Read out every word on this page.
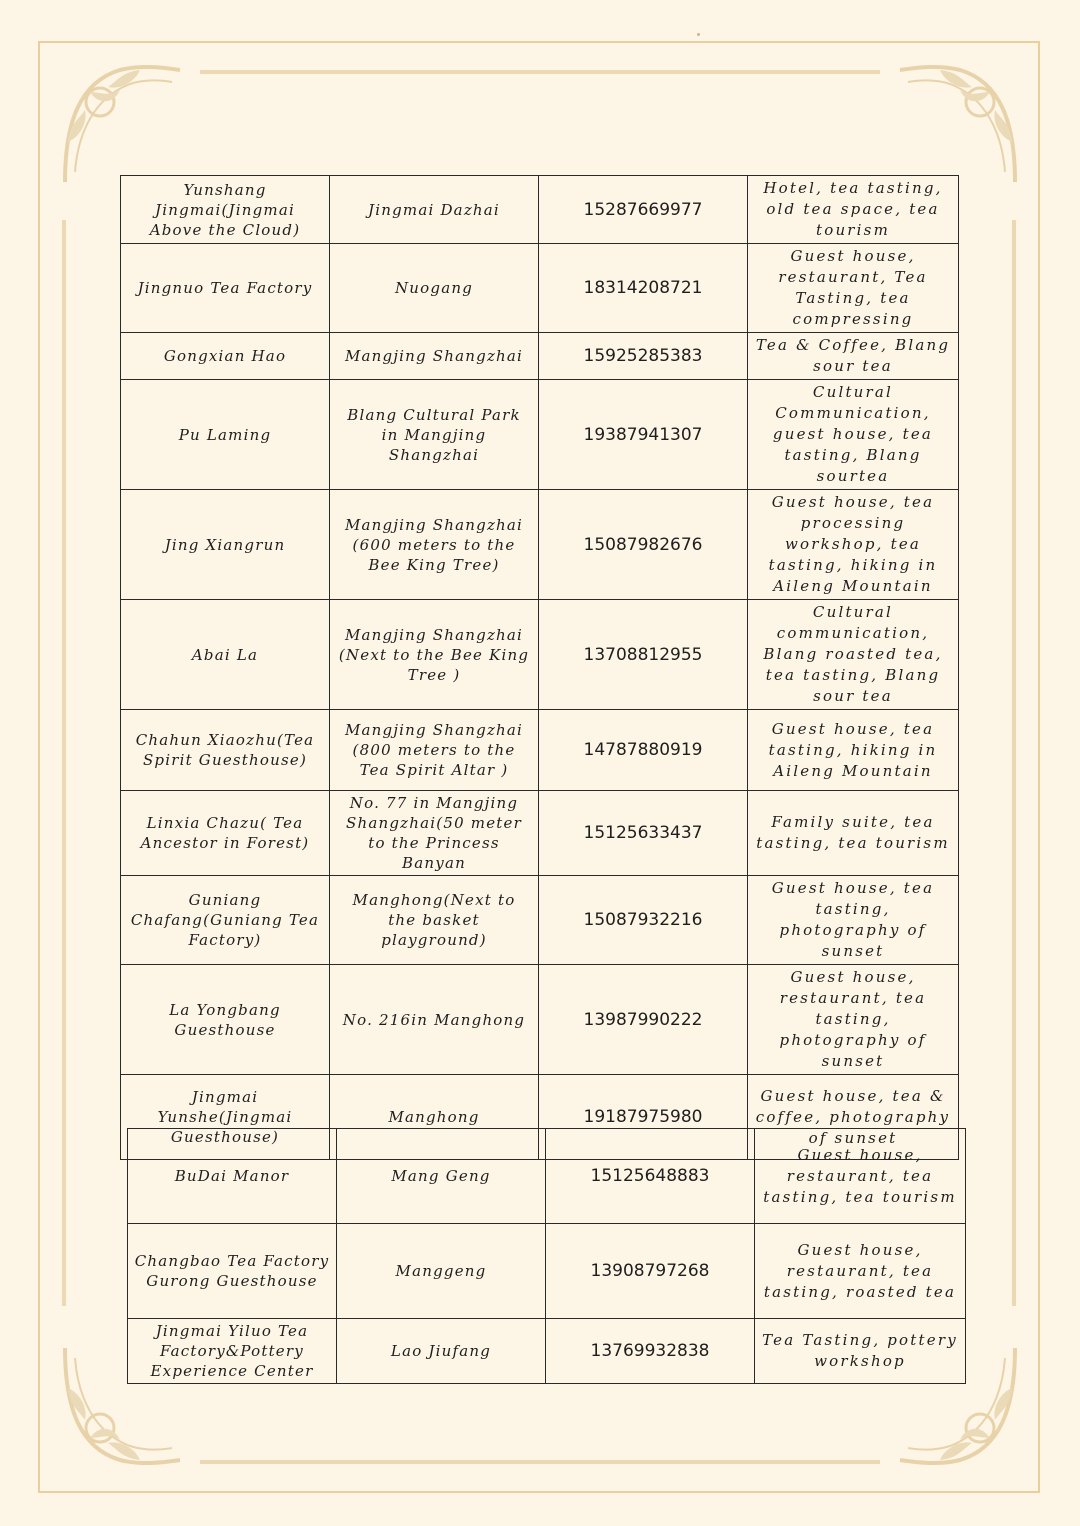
Yunshang Jingmai(Jingmai Above the Cloud)	Jingmai Dazhai	15287669977	Hotel, tea tasting, old tea space, tea tourism
Jingnuo Tea Factory	Nuogang	18314208721	Guest house, restaurant, Tea Tasting, tea compressing
Gongxian Hao	Mangjing Shangzhai	15925285383	Tea & Coffee, Blang sour tea
Pu Laming	Blang Cultural Park in Mangjing Shangzhai	19387941307	Cultural Communication, guest house, tea tasting, Blang sourtea
Jing Xiangrun	Mangjing Shangzhai (600 meters to the Bee King Tree)	15087982676	Guest house, tea processing workshop, tea tasting, hiking in Aileng Mountain
Abai La	Mangjing Shangzhai (Next to the Bee King Tree )	13708812955	Cultural communication, Blang roasted tea, tea tasting, Blang sour tea
Chahun Xiaozhu(Tea Spirit Guesthouse)	Mangjing Shangzhai (800 meters to the Tea Spirit Altar )	14787880919	Guest house, tea tasting, hiking in Aileng Mountain
Linxia Chazu( Tea Ancestor in Forest)	No. 77 in Mangjing Shangzhai(50 meter to the Princess Banyan	15125633437	Family suite, tea tasting, tea tourism
Guniang Chafang(Guniang Tea Factory)	Manghong(Next to the basket playground)	15087932216	Guest house, tea tasting, photography of sunset
La Yongbang Guesthouse	No. 216in Manghong	13987990222	Guest house, restaurant, tea tasting, photography of sunset
Jingmai Yunshe(Jingmai Guesthouse)	Manghong	19187975980	Guest house, tea & coffee, photography of sunset
BuDai Manor	Mang Geng	15125648883	Guest house, restaurant, tea tasting, tea tourism
Changbao Tea Factory Gurong Guesthouse	Manggeng	13908797268	Guest house, restaurant, tea tasting, roasted tea
Jingmai Yiluo Tea Factory&Pottery Experience Center	Lao Jiufang	13769932838	Tea Tasting, pottery workshop
